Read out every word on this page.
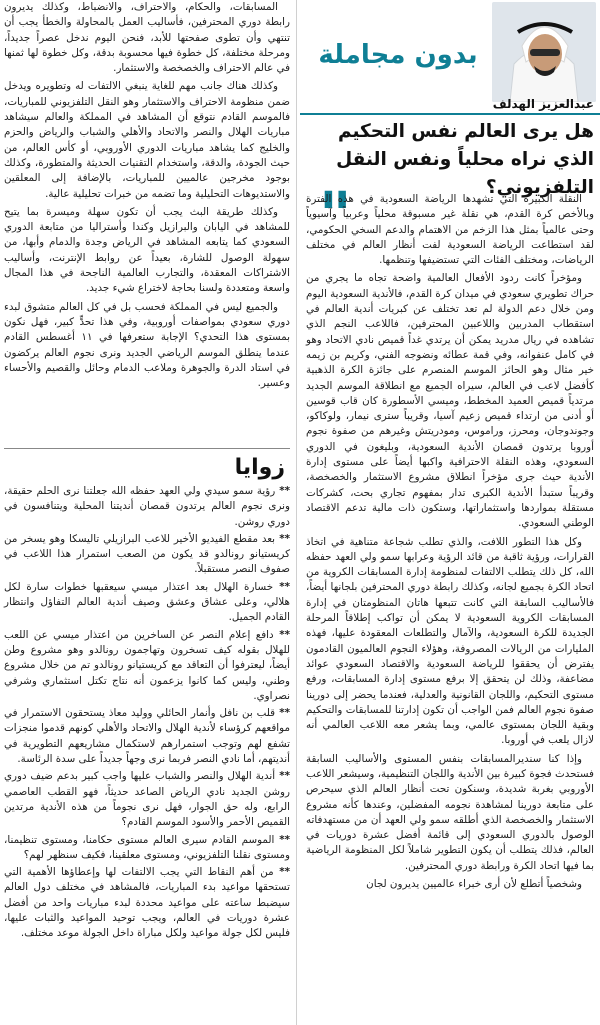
بدون مجاملة
عبدالعزيز الهدلف
هل يرى العالم نفس التحكيم الذي نراه محلياً ونفس النقل التلفزيوني؟
"

النقلة الكبيرة التي تشهدها الرياضة السعودية في هذه الفترة وبالأخص كرة القدم، هي نقلة غير مسبوقة محلياً وعربياً وآسيوياً وحتى عالمياً بمثل هذا الزخم من الاهتمام والدعم السخي الحكومي، لقد استطاعت الرياضة السعودية لفت أنظار العالم في مختلف الرياضات، ومختلف الفئات التي تستضيفها وتنظمها.

ومؤخراً كانت ردود الأفعال العالمية واضحة تجاه ما يجري من حراك تطويري سعودي في ميدان كرة القدم، فالأندية السعودية اليوم ومن خلال دعم الدولة لم تعد تختلف عن كبريات أندية العالم في استقطاب المدربين واللاعبين المحترفين، فاللاعب النجم الذي تشاهده في ريال مدريد يمكن أن يرتدي غداً قميص نادي الاتحاد وهو في كامل عنفوانه، وفي قمة عطائه ونضوجه الفني، وكريم بن زيمه خير مثال وهو الحائز الموسم المنصرم على جائزة الكرة الذهبية كأفضل لاعب في العالم، سيراه الجميع مع انطلاقة الموسم الجديد مرتدياً قميص العميد المخطط، وميسي الأسطورة كان قاب قوسين أو أدنى من ارتداء قميص زعيم آسيا، وقريباً سترى نيمار، ولوكاكو، وجوندوجان، ومحرز، وراموس، ومودريتش وغيرهم من صفوة نجوم أوروبا يرتدون قمصان الأندية السعودية، وبليغون في الدوري السعودي، وهذه النقلة الاحترافية واكبها أيضاً على مستوى إدارة الأندية حيث جرى مؤخراً انطلاق مشروع الاستثمار والخصخصة، وقريباً ستبدأ الأندية الكبرى تدار بمفهوم تجاري بحت، كشركات مستقلة بمواردها واستثماراتها، وستكون ذات مالية تدعم الاقتصاد الوطني السعودي.

وكل هذا التطور اللافت، والذي تطلب شجاعة متناهية في اتخاذ القرارات، ورؤية ثاقبة من قائد الرؤية وعرابها سمو ولي العهد حفظه الله، كل ذلك يتطلب الالتفات لمنظومة إدارة المسابقات الكروية من اتحاد الكرة بجميع لجانه، وكذلك رابطة دوري المحترفين بلجانها أيضاً، فالأساليب السابقة التي كانت تتبعها هاتان المنظومتان في إدارة المسابقات الكروية السعودية لا يمكن أن تواكب إطلاقاً المرحلة الجديدة للكرة السعودية، والآمال والتطلعات المعقودة عليها، فهذه المليارات من الريالات المصروفة، وهؤلاء النجوم العالميون القادمون يفترض أن يحققوا للرياضة السعودية والاقتصاد السعودي عوائد مضاعفة، وذلك لن يتحقق إلا برفع مستوى إدارة المسابقات، ورفع مستوى التحكيم، واللجان القانونية والعدلية، فعندما يحضر إلى دورينا صفوة نجوم العالم فمن الواجب أن تكون إدارتنا للمسابقات والتحكيم وبقية اللجان بمستوى عالمي، وبما يشعر معه اللاعب العالمي أنه لازال يلعب في أوروبا.

وإذا كنا سنديرالمسابقات بنفس المستوى والأساليب السابقة فستحدث فجوة كبيرة بين الأندية واللجان التنظيمية، وسيشعر اللاعب الأوروبي بغربة شديدة، وسنكون تحت أنظار العالم الذي سيحرص على متابعة دورينا لمشاهدة نجومه المفضلين، وعندها كأنه مشروع الاستثمار والخصخصة الذي أطلقه سمو ولي العهد أن من مستهدفاته الوصول بالدوري السعودي إلى قائمة أفضل عشرة دوريات في العالم، فذلك يتطلب أن يكون التطوير شاملاً لكل المنظومة الرياضية بما فيها اتحاد الكرة ورابطة دوري المحترفين.

وشخصياً أتطلع لأن أرى خبراء عالميين يديرون لجان

المسابقات، والحكام، والاحتراف، والانضباط، وكذلك يديرون رابطة دوري المحترفين، فأساليب العمل بالمحاولة والخطأ يجب أن تنتهي وأن تطوى صفحتها للأبد، فنحن اليوم ندخل عصراً جديداً، ومرحلة مختلفة، كل خطوة فيها محسوبة بدقة، وكل خطوة لها ثمنها في عالم الاحتراف والخصخصة والاستثمار.

وكذلك هناك جانب مهم للغاية ينبغي الالتفات له وتطويره ويدخل ضمن منظومة الاحتراف والاستثمار وهو النقل التلفزيوني للمباريات، فالموسم القادم نتوقع أن المشاهد في المملكة والعالم سيشاهد مباريات الهلال والنصر والاتحاد والأهلي والشباب والرياض والحزم والخليج كما يشاهد مباريات الدوري الأوروبي، أو كأس العالم، من حيث الجودة، والدقة، واستخدام التقنيات الحديثة والمتطورة، وكذلك بوجود مخرجين عالميين للمباريات، بالإضافة إلى المعلقين والاستديوهات التحليلية وما تضمه من خبرات تحليلية عالية.

وكذلك طريقة البث يجب أن تكون سهلة وميسرة بما يتيح للمشاهد في اليابان والبرازيل وكندا وأستراليا من متابعة الدوري السعودي كما يتابعه المشاهد في الرياض وجدة والدمام وأبها، من سهولة الوصول للشارة، بعيداً عن روابط الإنترنت، وأساليب الاشتراكات المعقدة، والتجارب العالمية الناجحة في هذا المجال واسعة ومتعددة ولسنا بحاجة لاختراع شيء جديد.

والجميع ليس في المملكة فحسب بل في كل العالم متشوق لبدء دوري سعودي بمواصفات أوروبية، وفي هذا تحدٍّ كبير، فهل نكون بمستوى هذا التحدي؟ الإجابة ستعرفها في ١١ أغسطس القادم عندما ينطلق الموسم الرياضي الجديد ونرى نجوم العالم يركضون في استاد الدرة والجوهرة وملاعب الدمام وحائل والقصيم والأحساء وعسير.

زوايا

** رؤية سمو سيدي ولي العهد حفظه الله جعلتنا نرى الحلم حقيقة، ونرى نجوم العالم يرتدون قمصان أنديتنا المحلية ويتنافسون في دوري روشن.

** بعد مقطع الفيديو الأخير للاعب البرازيلي تاليسكا وهو يسخر من كريستيانو رونالدو قد يكون من الصعب استمرار هذا اللاعب في صفوف النصر مستقبلاً.

** خسارة الهلال بعد اعتذار ميسي سيعقبها خطوات سارة لكل هلالي، وعلى عشاق وعشق وصيف أندية العالم التفاؤل وانتظار القادم الجميل.

** دافع إعلام النصر عن الساخرين من اعتذار ميسي عن اللعب للهلال بقوله كيف تسخرون وتهاجمون رونالدو وهو مشروع وطن أيضاً، ليعترفوا أن التعاقد مع كريستيانو رونالدو تم من خلال مشروع وطني، وليس كما كانوا يزعمون أنه نتاج تكتل استثماري وشرفي نصراوي.

** قلب بن نافل وأنمار الحائلي ووليد معاذ يستحقون الاستمرار في مواقعهم كرؤساء لأندية الهلال والاتحاد والأهلي كونهم قدموا منجزات تشفع لهم وتوجب استمرارهم لاستكمال مشاريعهم التطويرية في أنديتهم، أما نادي النصر فربما نرى وجهاً جديداً على سدة الرئاسة.

** أندية الهلال والنصر والشباب عليها واجب كبير بدعم ضيف دوري روشن الجديد نادي الرياض الصاعد حديثاً، فهو القطب العاصمي الرابع، وله حق الجوار، فهل نرى نجوماً من هذه الأندية مرتدين القميص الأحمر والأسود الموسم القادم؟

** الموسم القادم سيرى العالم مستوى حكامنا، ومستوى تنظيمنا، ومستوى نقلنا التلفزيوني، ومستوى معلقينا، فكيف سنظهر لهم؟

** من أهم النقاط التي يجب الالتفات لها وإعطاؤها الأهمية التي تستحقها مواعيد بدء المباريات، فالمشاهد في مختلف دول العالم سيضبط ساعته على مواعيد محددة لبدء مباريات واحد من أفضل عشرة دوريات في العالم، ويجب توحيد المواعيد والثبات عليها، فليس لكل جولة مواعيد ولكل مباراة داخل الجولة موعد مختلف.
